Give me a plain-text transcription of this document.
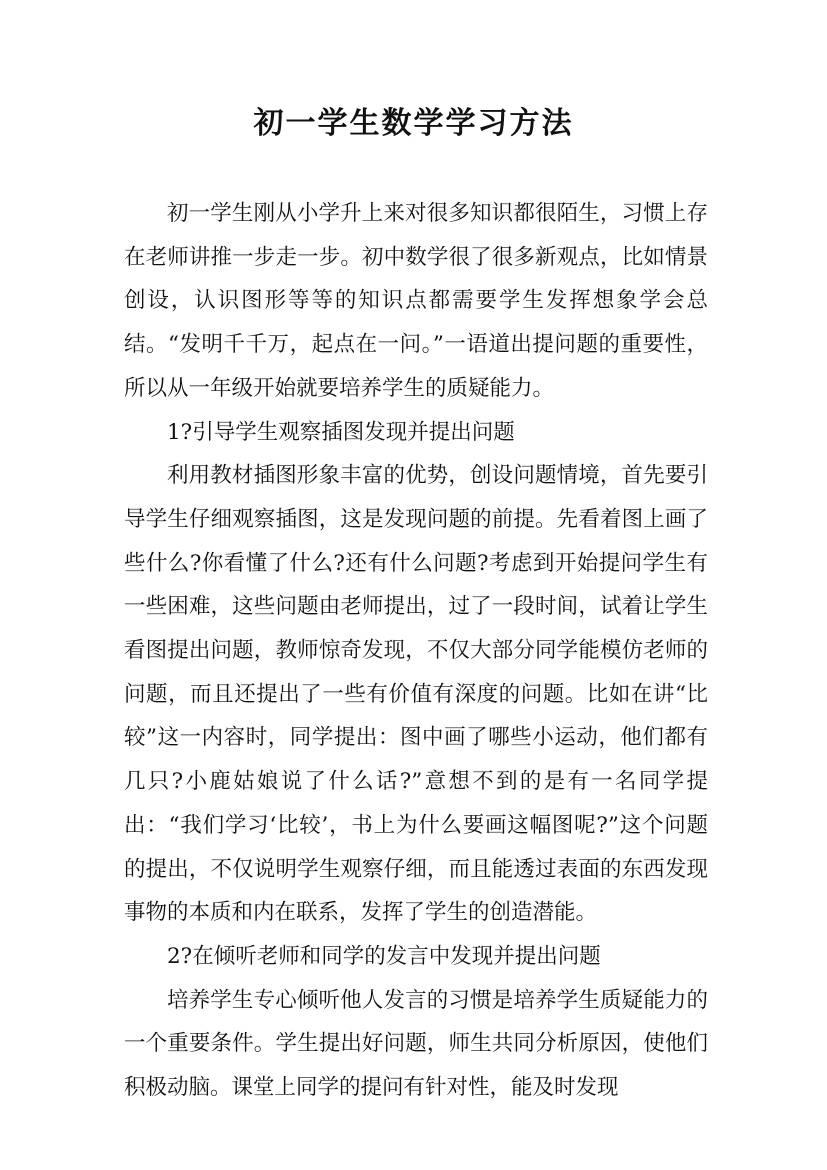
初一学生数学学习方法

初一学生刚从小学升上来对很多知识都很陌生，习惯上存在老师讲推一步走一步。初中数学很了很多新观点，比如情景创设，认识图形等等的知识点都需要学生发挥想象学会总结。“发明千千万，起点在一问。”一语道出提问题的重要性，所以从一年级开始就要培养学生的质疑能力。

1?引导学生观察插图发现并提出问题

利用教材插图形象丰富的优势，创设问题情境，首先要引导学生仔细观察插图，这是发现问题的前提。先看着图上画了些什么?你看懂了什么?还有什么问题?考虑到开始提问学生有一些困难，这些问题由老师提出，过了一段时间，试着让学生看图提出问题，教师惊奇发现，不仅大部分同学能模仿老师的问题，而且还提出了一些有价值有深度的问题。比如在讲“比较”这一内容时，同学提出：图中画了哪些小运动，他们都有几只?小鹿姑娘说了什么话?”意想不到的是有一名同学提出：“我们学习‘比较’，书上为什么要画这幅图呢?”这个问题的提出，不仅说明学生观察仔细，而且能透过表面的东西发现事物的本质和内在联系，发挥了学生的创造潜能。

2?在倾听老师和同学的发言中发现并提出问题

培养学生专心倾听他人发言的习惯是培养学生质疑能力的一个重要条件。学生提出好问题，师生共同分析原因，使他们积极动脑。课堂上同学的提问有针对性，能及时发现
